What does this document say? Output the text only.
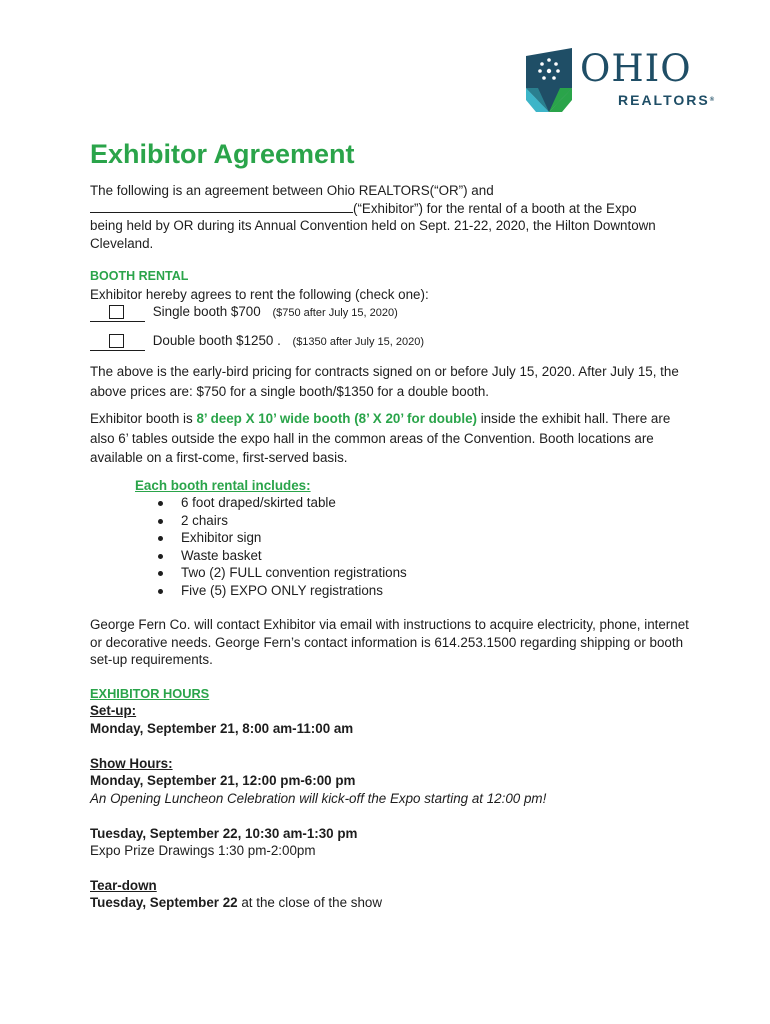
OHIO
REALTORS®
Exhibitor Agreement
The following is an agreement between Ohio REALTORS(“OR”) and
(“Exhibitor”) for the rental of a booth at the Expo
being held by OR during its Annual Convention held on Sept. 21-22, 2020, the Hilton Downtown Cleveland.
BOOTH RENTAL
Exhibitor hereby agrees to rent the following (check one):
Single booth $700 ($750 after July 15, 2020)
Double booth $1250 . ($1350 after July 15, 2020)
The above is the early-bird pricing for contracts signed on or before July 15, 2020. After July 15, the above prices are: $750 for a single booth/$1350 for a double booth.
Exhibitor booth is 8’ deep X 10’ wide booth (8’ X 20’ for double) inside the exhibit hall. There are also 6’ tables outside the expo hall in the common areas of the Convention. Booth locations are available on a first-come, first-served basis.
Each booth rental includes:
6 foot draped/skirted table
2 chairs
Exhibitor sign
Waste basket
Two (2) FULL convention registrations
Five (5) EXPO ONLY registrations
George Fern Co. will contact Exhibitor via email with instructions to acquire electricity, phone, internet or decorative needs. George Fern’s contact information is 614.253.1500 regarding shipping or booth set-up requirements.
EXHIBITOR HOURS
Set-up:
Monday, September 21, 8:00 am-11:00 am
Show Hours:
Monday, September 21, 12:00 pm-6:00 pm
An Opening Luncheon Celebration will kick-off the Expo starting at 12:00 pm!
Tuesday, September 22, 10:30 am-1:30 pm
Expo Prize Drawings 1:30 pm-2:00pm
Tear-down
Tuesday, September 22 at the close of the show
